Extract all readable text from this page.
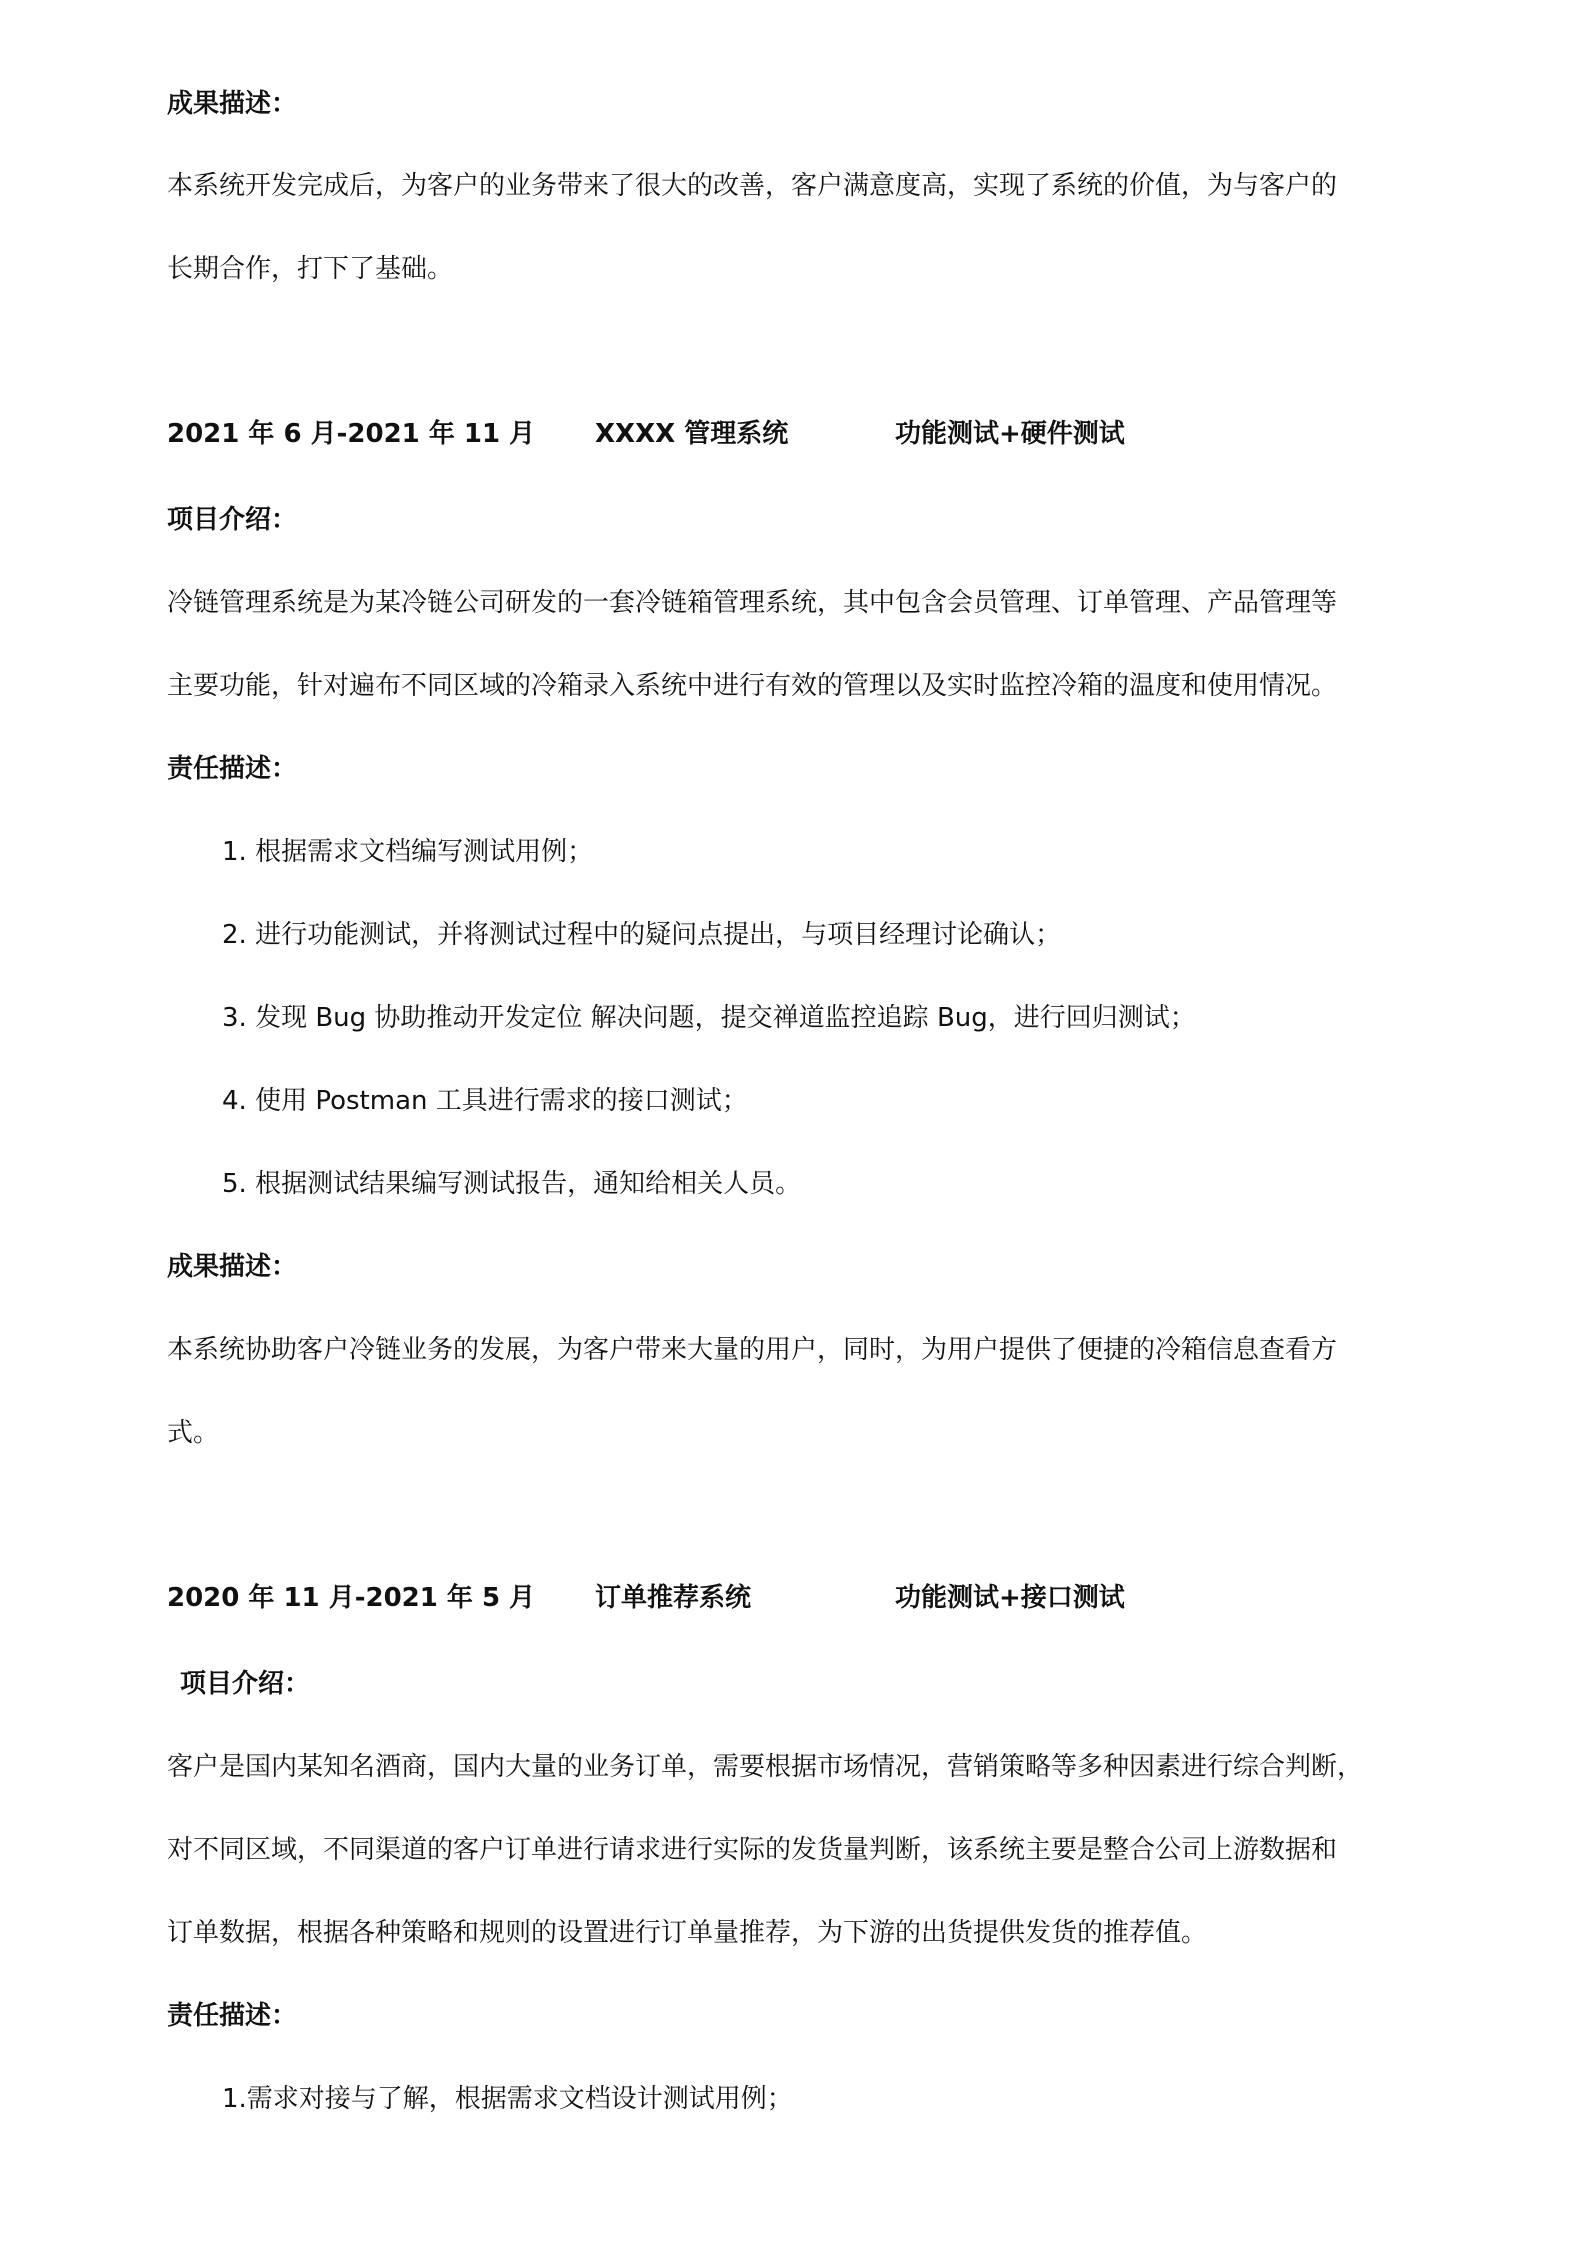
成果描述：
本系统开发完成后，为客户的业务带来了很大的改善，客户满意度高，实现了系统的价值，为与客户的
长期合作，打下了基础。
2021 年 6 月-2021 年 11 月 XXXX 管理系统	功能测试+硬件测试
项目介绍：
冷链管理系统是为某冷链公司研发的一套冷链箱管理系统，其中包含会员管理、订单管理、产品管理等
主要功能，针对遍布不同区域的冷箱录入系统中进行有效的管理以及实时监控冷箱的温度和使用情况。
责任描述：
1. 根据需求文档编写测试用例；
2. 进行功能测试，并将测试过程中的疑问点提出，与项目经理讨论确认；
3. 发现 Bug 协助推动开发定位 解决问题，提交禅道监控追踪 Bug，进行回归测试；
4. 使用 Postman 工具进行需求的接口测试；
5. 根据测试结果编写测试报告，通知给相关人员。
成果描述：
本系统协助客户冷链业务的发展，为客户带来大量的用户，同时，为用户提供了便捷的冷箱信息查看方
式。
2020 年 11 月-2021 年 5 月 订单推荐系统	功能测试+接口测试
项目介绍：
客户是国内某知名酒商，国内大量的业务订单，需要根据市场情况，营销策略等多种因素进行综合判断，
对不同区域，不同渠道的客户订单进行请求进行实际的发货量判断，该系统主要是整合公司上游数据和
订单数据，根据各种策略和规则的设置进行订单量推荐，为下游的出货提供发货的推荐值。
责任描述：
1.需求对接与了解，根据需求文档设计测试用例；
